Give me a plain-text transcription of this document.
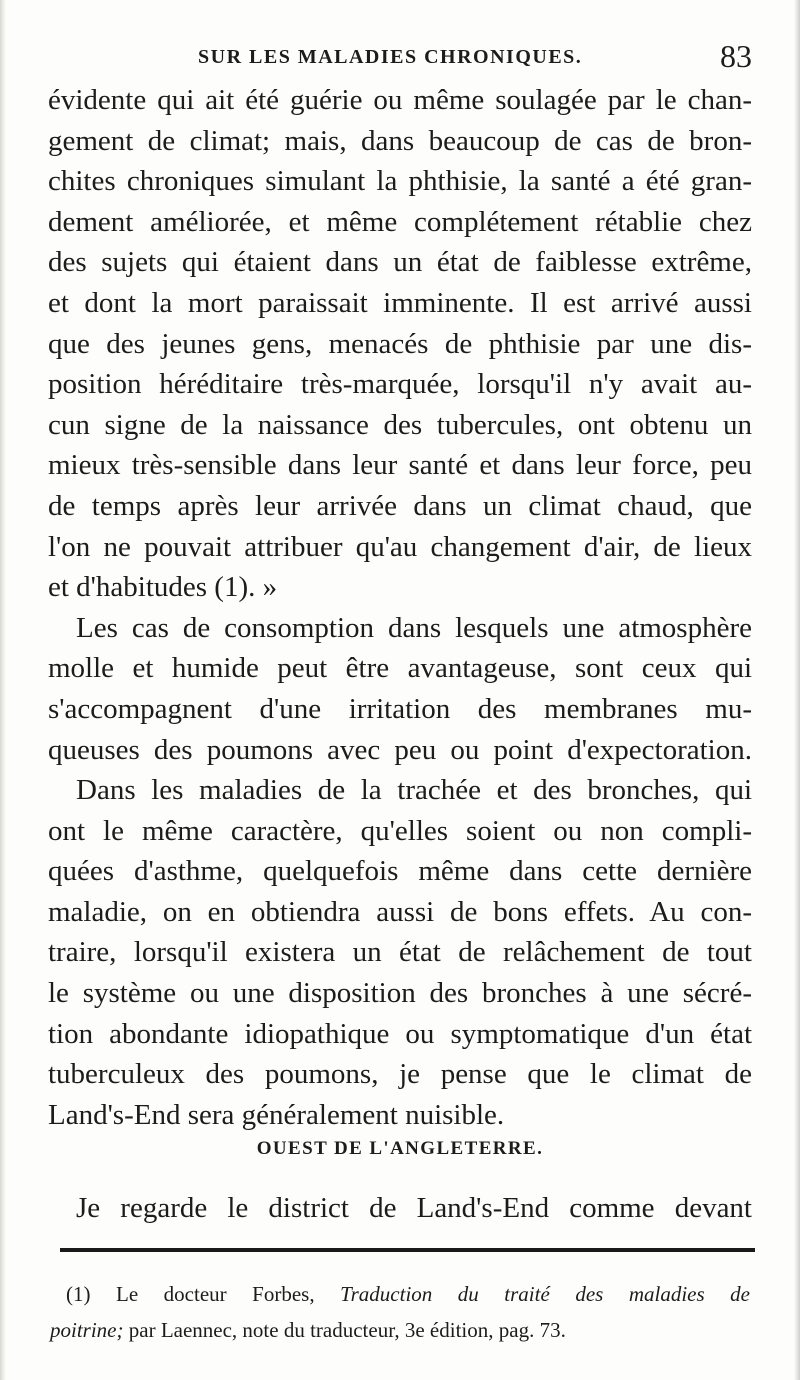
SUR LES MALADIES CHRONIQUES.	83
évidente qui ait été guérie ou même soulagée par le chan-
gement de climat; mais, dans beaucoup de cas de bron-
chites chroniques simulant la phthisie, la santé a été gran-
dement améliorée, et même complétement rétablie chez
des sujets qui étaient dans un état de faiblesse extrême,
et dont la mort paraissait imminente. Il est arrivé aussi
que des jeunes gens, menacés de phthisie par une dis-
position héréditaire très-marquée, lorsqu'il n'y avait au-
cun signe de la naissance des tubercules, ont obtenu un
mieux très-sensible dans leur santé et dans leur force, peu
de temps après leur arrivée dans un climat chaud, que
l'on ne pouvait attribuer qu'au changement d'air, de lieux
et d'habitudes (1). »
Les cas de consomption dans lesquels une atmosphère
molle et humide peut être avantageuse, sont ceux qui
s'accompagnent d'une irritation des membranes mu-
queuses des poumons avec peu ou point d'expectoration.
Dans les maladies de la trachée et des bronches, qui
ont le même caractère, qu'elles soient ou non compli-
quées d'asthme, quelquefois même dans cette dernière
maladie, on en obtiendra aussi de bons effets. Au con-
traire, lorsqu'il existera un état de relâchement de tout
le système ou une disposition des bronches à une sécré-
tion abondante idiopathique ou symptomatique d'un état
tuberculeux des poumons, je pense que le climat de
Land's-End sera généralement nuisible.
OUEST DE L'ANGLETERRE.
Je regarde le district de Land's-End comme devant
(1) Le docteur Forbes, Traduction du traité des maladies de
poitrine; par Laennec, note du traducteur, 3e édition, pag. 73.
